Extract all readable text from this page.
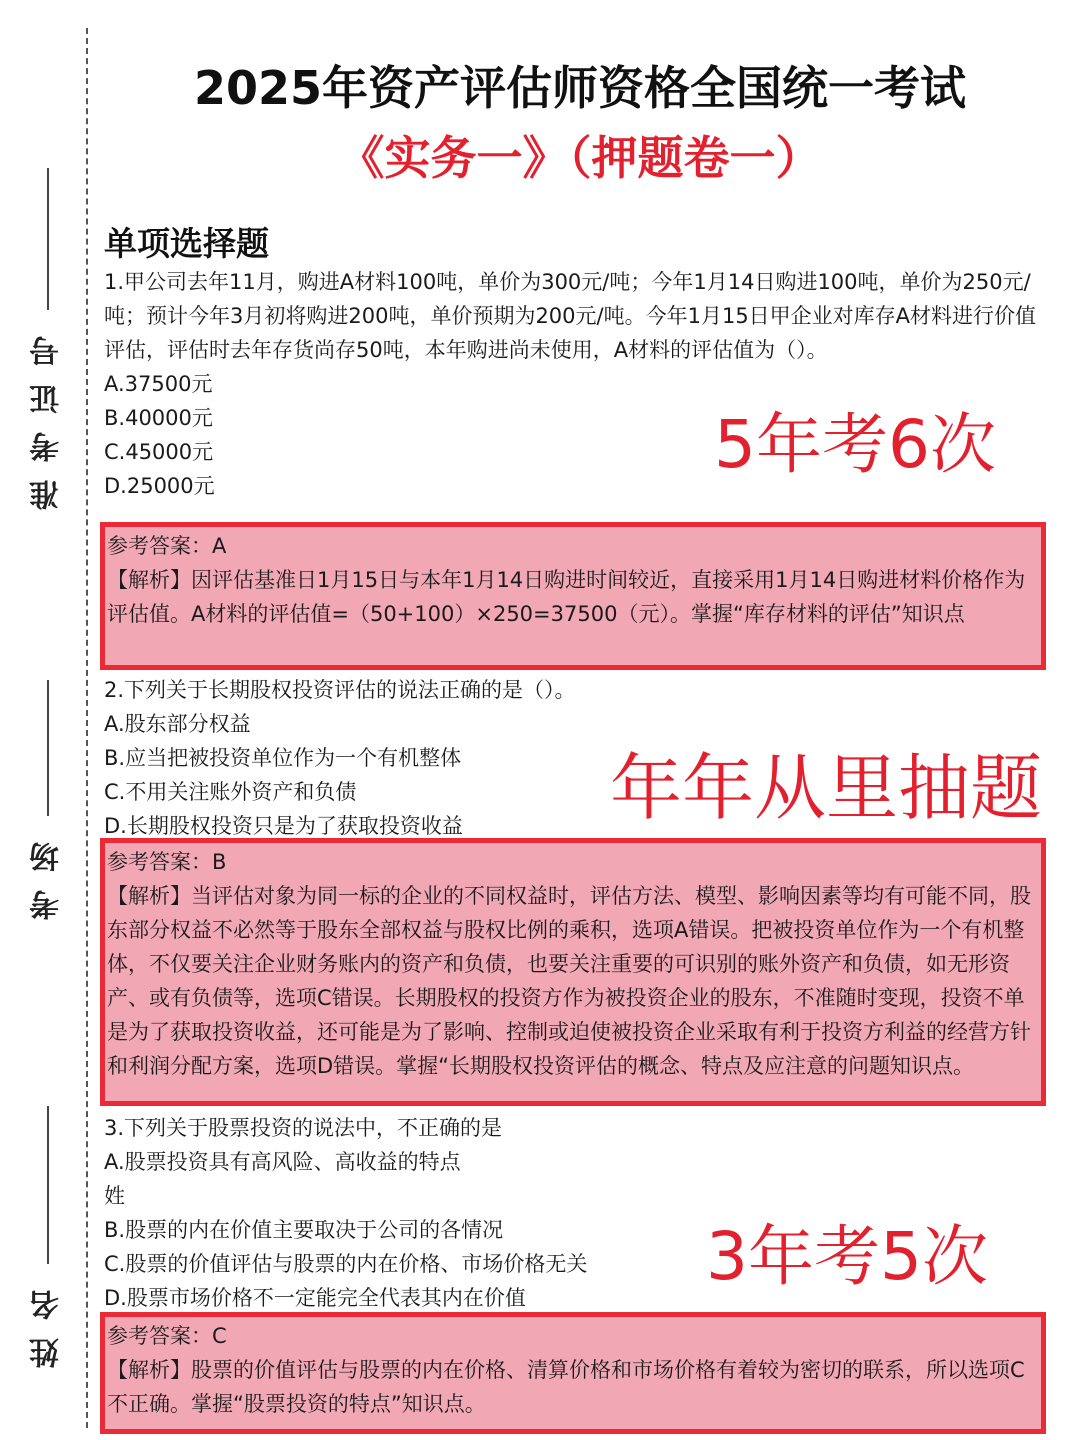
准考证号
考场
姓名
2025年资产评估师资格全国统一考试
《实务一》（押题卷一）
单项选择题

1.甲公司去年11月，购进A材料100吨，单价为300元/吨；今年1月14日购进100吨，单价为250元/吨；预计今年3月初将购进200吨，单价预期为200元/吨。今年1月15日甲企业对库存A材料进行价值评估，评估时去年存货尚存50吨，本年购进尚未使用，A材料的评估值为（）。

A.37500元

B.40000元

C.45000元

D.25000元

参考答案：A

【解析】因评估基准日1月15日与本年1月14日购进时间较近，直接采用1月14日购进材料价格作为评估值。A材料的评估值=（50+100）×250=37500（元）。掌握“库存材料的评估”知识点

5年考6次

2.下列关于长期股权投资评估的说法正确的是（）。

A.股东部分权益

B.应当把被投资单位作为一个有机整体

C.不用关注账外资产和负债

D.长期股权投资只是为了获取投资收益

参考答案：B

【解析】当评估对象为同一标的企业的不同权益时，评估方法、模型、影响因素等均有可能不同，股东部分权益不必然等于股东全部权益与股权比例的乘积，选项A错误。把被投资单位作为一个有机整体，不仅要关注企业财务账内的资产和负债，也要关注重要的可识别的账外资产和负债，如无形资产、或有负债等，选项C错误。长期股权的投资方作为被投资企业的股东，不准随时变现，投资不单是为了获取投资收益，还可能是为了影响、控制或迫使被投资企业采取有利于投资方利益的经营方针和利润分配方案，选项D错误。掌握“长期股权投资评估的概念、特点及应注意的问题知识点。

年年从里抽题

3.下列关于股票投资的说法中，不正确的是

A.股票投资具有高风险、高收益的特点

姓

B.股票的内在价值主要取决于公司的各情况

C.股票的价值评估与股票的内在价格、市场价格无关

D.股票市场价格不一定能完全代表其内在价值

参考答案：C

【解析】股票的价值评估与股票的内在价格、清算价格和市场价格有着较为密切的联系，所以选项C不正确。掌握“股票投资的特点”知识点。

3年考5次
